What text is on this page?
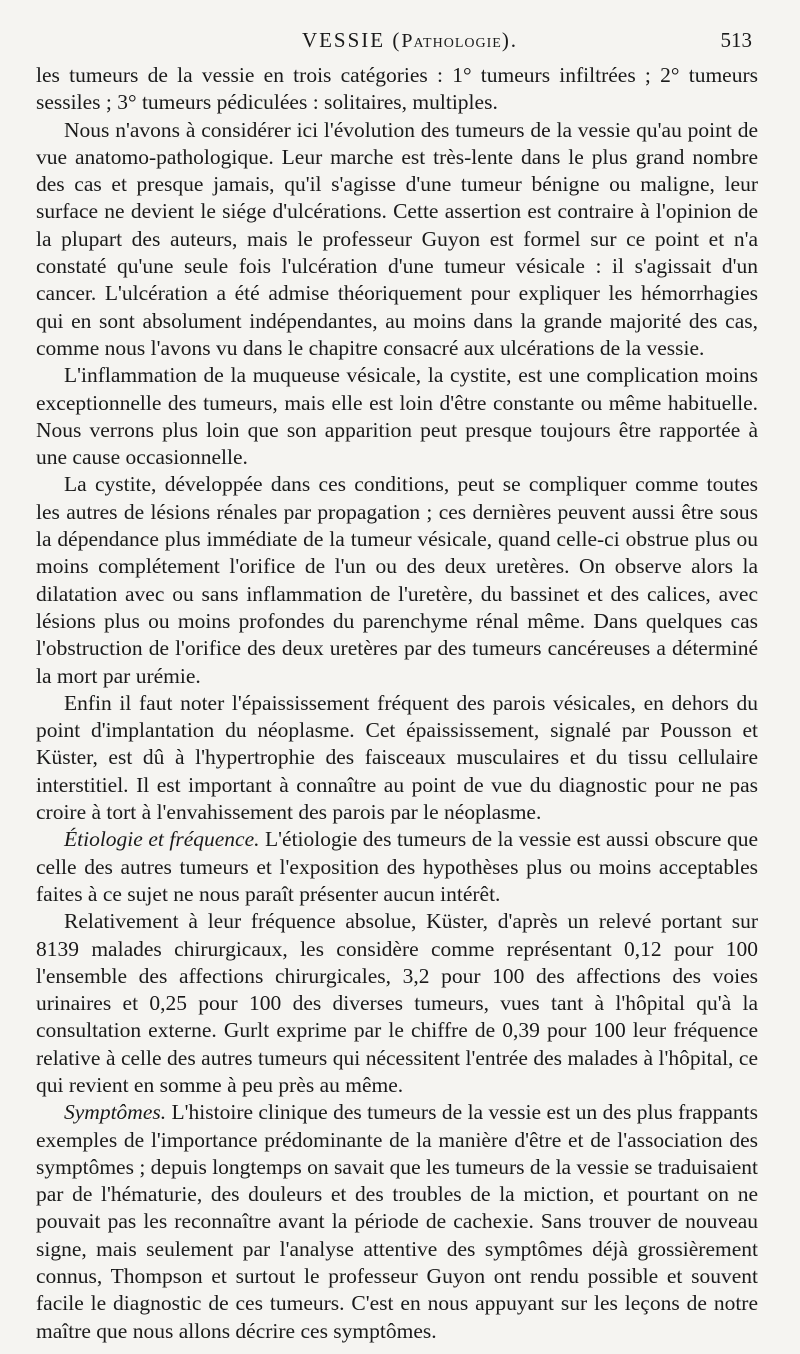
VESSIE (Pathologie).	513

les tumeurs de la vessie en trois catégories : 1° tumeurs infiltrées ; 2° tumeurs sessiles ; 3° tumeurs pédiculées : solitaires, multiples.

Nous n'avons à considérer ici l'évolution des tumeurs de la vessie qu'au point de vue anatomo-pathologique. Leur marche est très-lente dans le plus grand nombre des cas et presque jamais, qu'il s'agisse d'une tumeur bénigne ou maligne, leur surface ne devient le siége d'ulcérations. Cette assertion est contraire à l'opinion de la plupart des auteurs, mais le professeur Guyon est formel sur ce point et n'a constaté qu'une seule fois l'ulcération d'une tumeur vésicale : il s'agissait d'un cancer. L'ulcération a été admise théoriquement pour expliquer les hémorrhagies qui en sont absolument indépendantes, au moins dans la grande majorité des cas, comme nous l'avons vu dans le chapitre consacré aux ulcérations de la vessie.

L'inflammation de la muqueuse vésicale, la cystite, est une complication moins exceptionnelle des tumeurs, mais elle est loin d'être constante ou même habituelle. Nous verrons plus loin que son apparition peut presque toujours être rapportée à une cause occasionnelle.

La cystite, développée dans ces conditions, peut se compliquer comme toutes les autres de lésions rénales par propagation ; ces dernières peuvent aussi être sous la dépendance plus immédiate de la tumeur vésicale, quand celle-ci obstrue plus ou moins complétement l'orifice de l'un ou des deux uretères. On observe alors la dilatation avec ou sans inflammation de l'uretère, du bassinet et des calices, avec lésions plus ou moins profondes du parenchyme rénal même. Dans quelques cas l'obstruction de l'orifice des deux uretères par des tumeurs cancéreuses a déterminé la mort par urémie.

Enfin il faut noter l'épaississement fréquent des parois vésicales, en dehors du point d'implantation du néoplasme. Cet épaississement, signalé par Pousson et Küster, est dû à l'hypertrophie des faisceaux musculaires et du tissu cellulaire interstitiel. Il est important à connaître au point de vue du diagnostic pour ne pas croire à tort à l'envahissement des parois par le néoplasme.

Étiologie et fréquence. L'étiologie des tumeurs de la vessie est aussi obscure que celle des autres tumeurs et l'exposition des hypothèses plus ou moins acceptables faites à ce sujet ne nous paraît présenter aucun intérêt.

Relativement à leur fréquence absolue, Küster, d'après un relevé portant sur 8139 malades chirurgicaux, les considère comme représentant 0,12 pour 100 l'ensemble des affections chirurgicales, 3,2 pour 100 des affections des voies urinaires et 0,25 pour 100 des diverses tumeurs, vues tant à l'hôpital qu'à la consultation externe. Gurlt exprime par le chiffre de 0,39 pour 100 leur fréquence relative à celle des autres tumeurs qui nécessitent l'entrée des malades à l'hôpital, ce qui revient en somme à peu près au même.

Symptômes. L'histoire clinique des tumeurs de la vessie est un des plus frappants exemples de l'importance prédominante de la manière d'être et de l'association des symptômes ; depuis longtemps on savait que les tumeurs de la vessie se traduisaient par de l'hématurie, des douleurs et des troubles de la miction, et pourtant on ne pouvait pas les reconnaître avant la période de cachexie. Sans trouver de nouveau signe, mais seulement par l'analyse attentive des symptômes déjà grossièrement connus, Thompson et surtout le professeur Guyon ont rendu possible et souvent facile le diagnostic de ces tumeurs. C'est en nous appuyant sur les leçons de notre maître que nous allons décrire ces symptômes.
